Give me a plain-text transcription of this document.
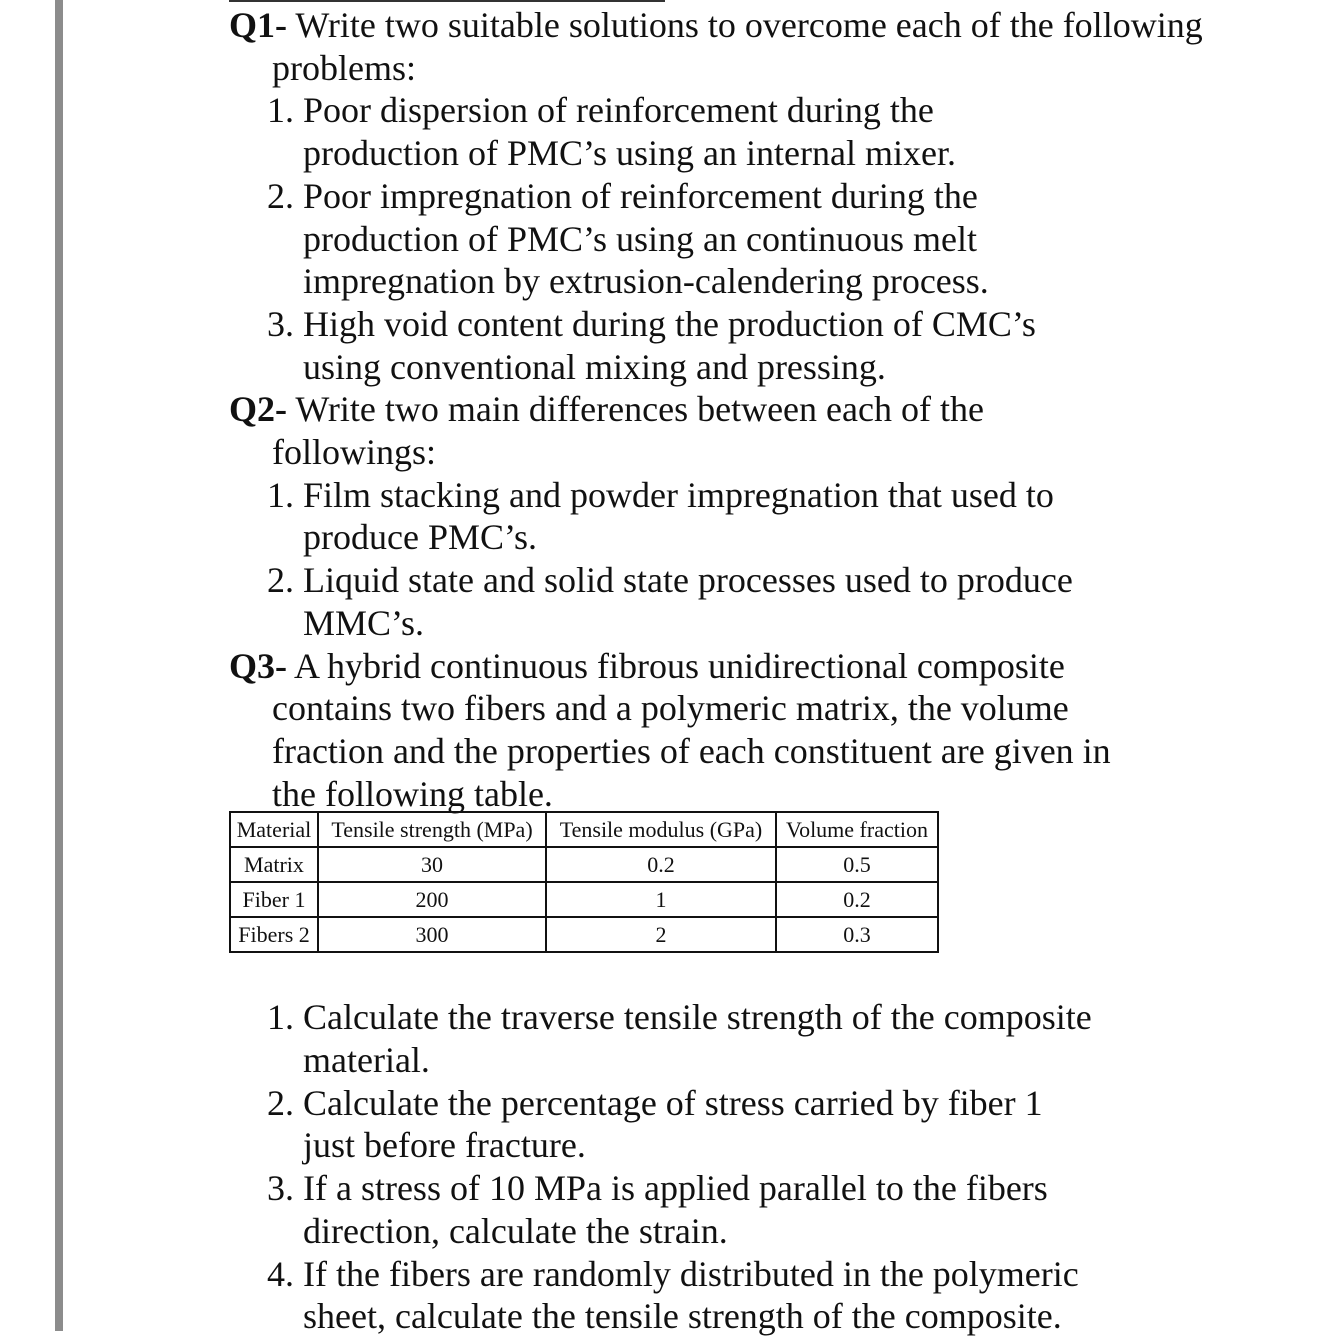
Q1- Write two suitable solutions to overcome each of the following problems:

1 . Poor dispersion of reinforcement during the production of PMC’s using an internal mixer.
2 . Poor impregnation of reinforcement during the production of PMC’s using an continuous melt impregnation by extrusion-calendering process.
3 . High void content during the production of CMC’s using conventional mixing and pressing.

Q2- Write two main differences between each of the followings:

1 . Film stacking and powder impregnation that used to produce PMC’s.
2 . Liquid state and solid state processes used to produce MMC’s.

Q3- A hybrid continuous fibrous unidirectional composite contains two fibers and a polymeric matrix, the volume fraction and the properties of each constituent are given in the following table.

Material	Tensile strength (MPa)	Tensile modulus (GPa)	Volume fraction
Matrix	30	0.2	0.5
Fiber 1	200	1	0.2
Fibers 2	300	2	0.3
1 . Calculate the traverse tensile strength of the composite material.
2 . Calculate the percentage of stress carried by fiber 1 just before fracture.
3 . If a stress of 10 MPa is applied parallel to the fibers direction, calculate the strain.
4 . If the fibers are randomly distributed in the polymeric sheet, calculate the tensile strength of the composite.
